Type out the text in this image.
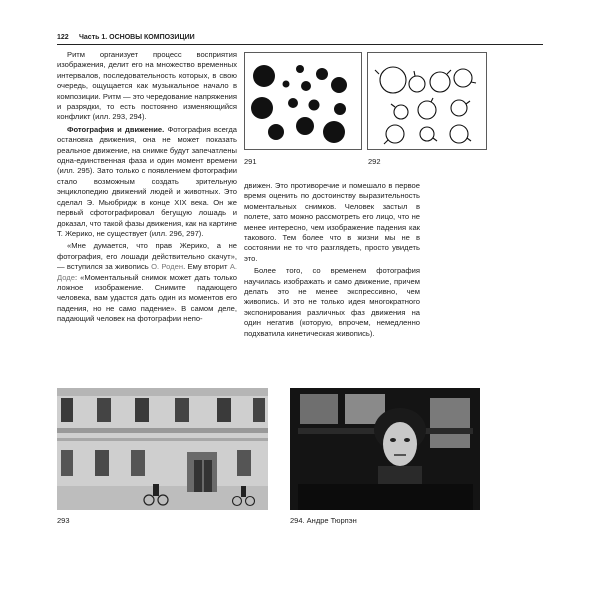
122 Часть 1. ОСНОВЫ КОМПОЗИЦИИ

Ритм организует процесс восприятия изображения, делит его на множество временных интервалов, последовательность которых, в свою очередь, ощущается как музыкальное начало в композиции. Ритм — это чередование напряжения и разрядки, то есть постоянно изменяющийся конфликт (илл. 293, 294).

Фотография и движение. Фотография всегда остановка движения, она не может показать реальное движение, на снимке будут запечатлены одна-единственная фаза и один момент времени (илл. 295). Зато только с появлением фотографии стало возможным создать зрительную энциклопедию движений людей и животных. Это сделал Э. Мьюбридж в конце XIX века. Он же первый сфотографировал бегущую лошадь и доказал, что такой фазы движения, как на картине Т. Жерико, не существует (илл. 296, 297).

«Мне думается, что прав Жерико, а не фотография, его лошади действительно скачут», — вступился за живопись О. Роден. Ему вторит А. Доде: «Моментальный снимок может дать только ложное изображение. Снимите падающего человека, вам удастся дать один из моментов его падения, но не само падение». В самом деле, падающий человек на фотографии непо-

291	292

движен. Это противоречие и помешало в первое время оценить по достоинству выразительность моментальных снимков. Человек застыл в полете, зато можно рассмотреть его лицо, что не менее интересно, чем изображение падения как такового. Тем более что в жизни мы не в состоянии не то что разглядеть, просто увидеть это.

Более того, со временем фотография научилась изображать и само движение, причем делать это не менее экспрессивно, чем живопись. И это не только идея многократного экспонирования различных фаз движения на один негатив (которую, впрочем, немедленно подхватила кинетическая живопись).

293	294. Андре Тюрпэн
